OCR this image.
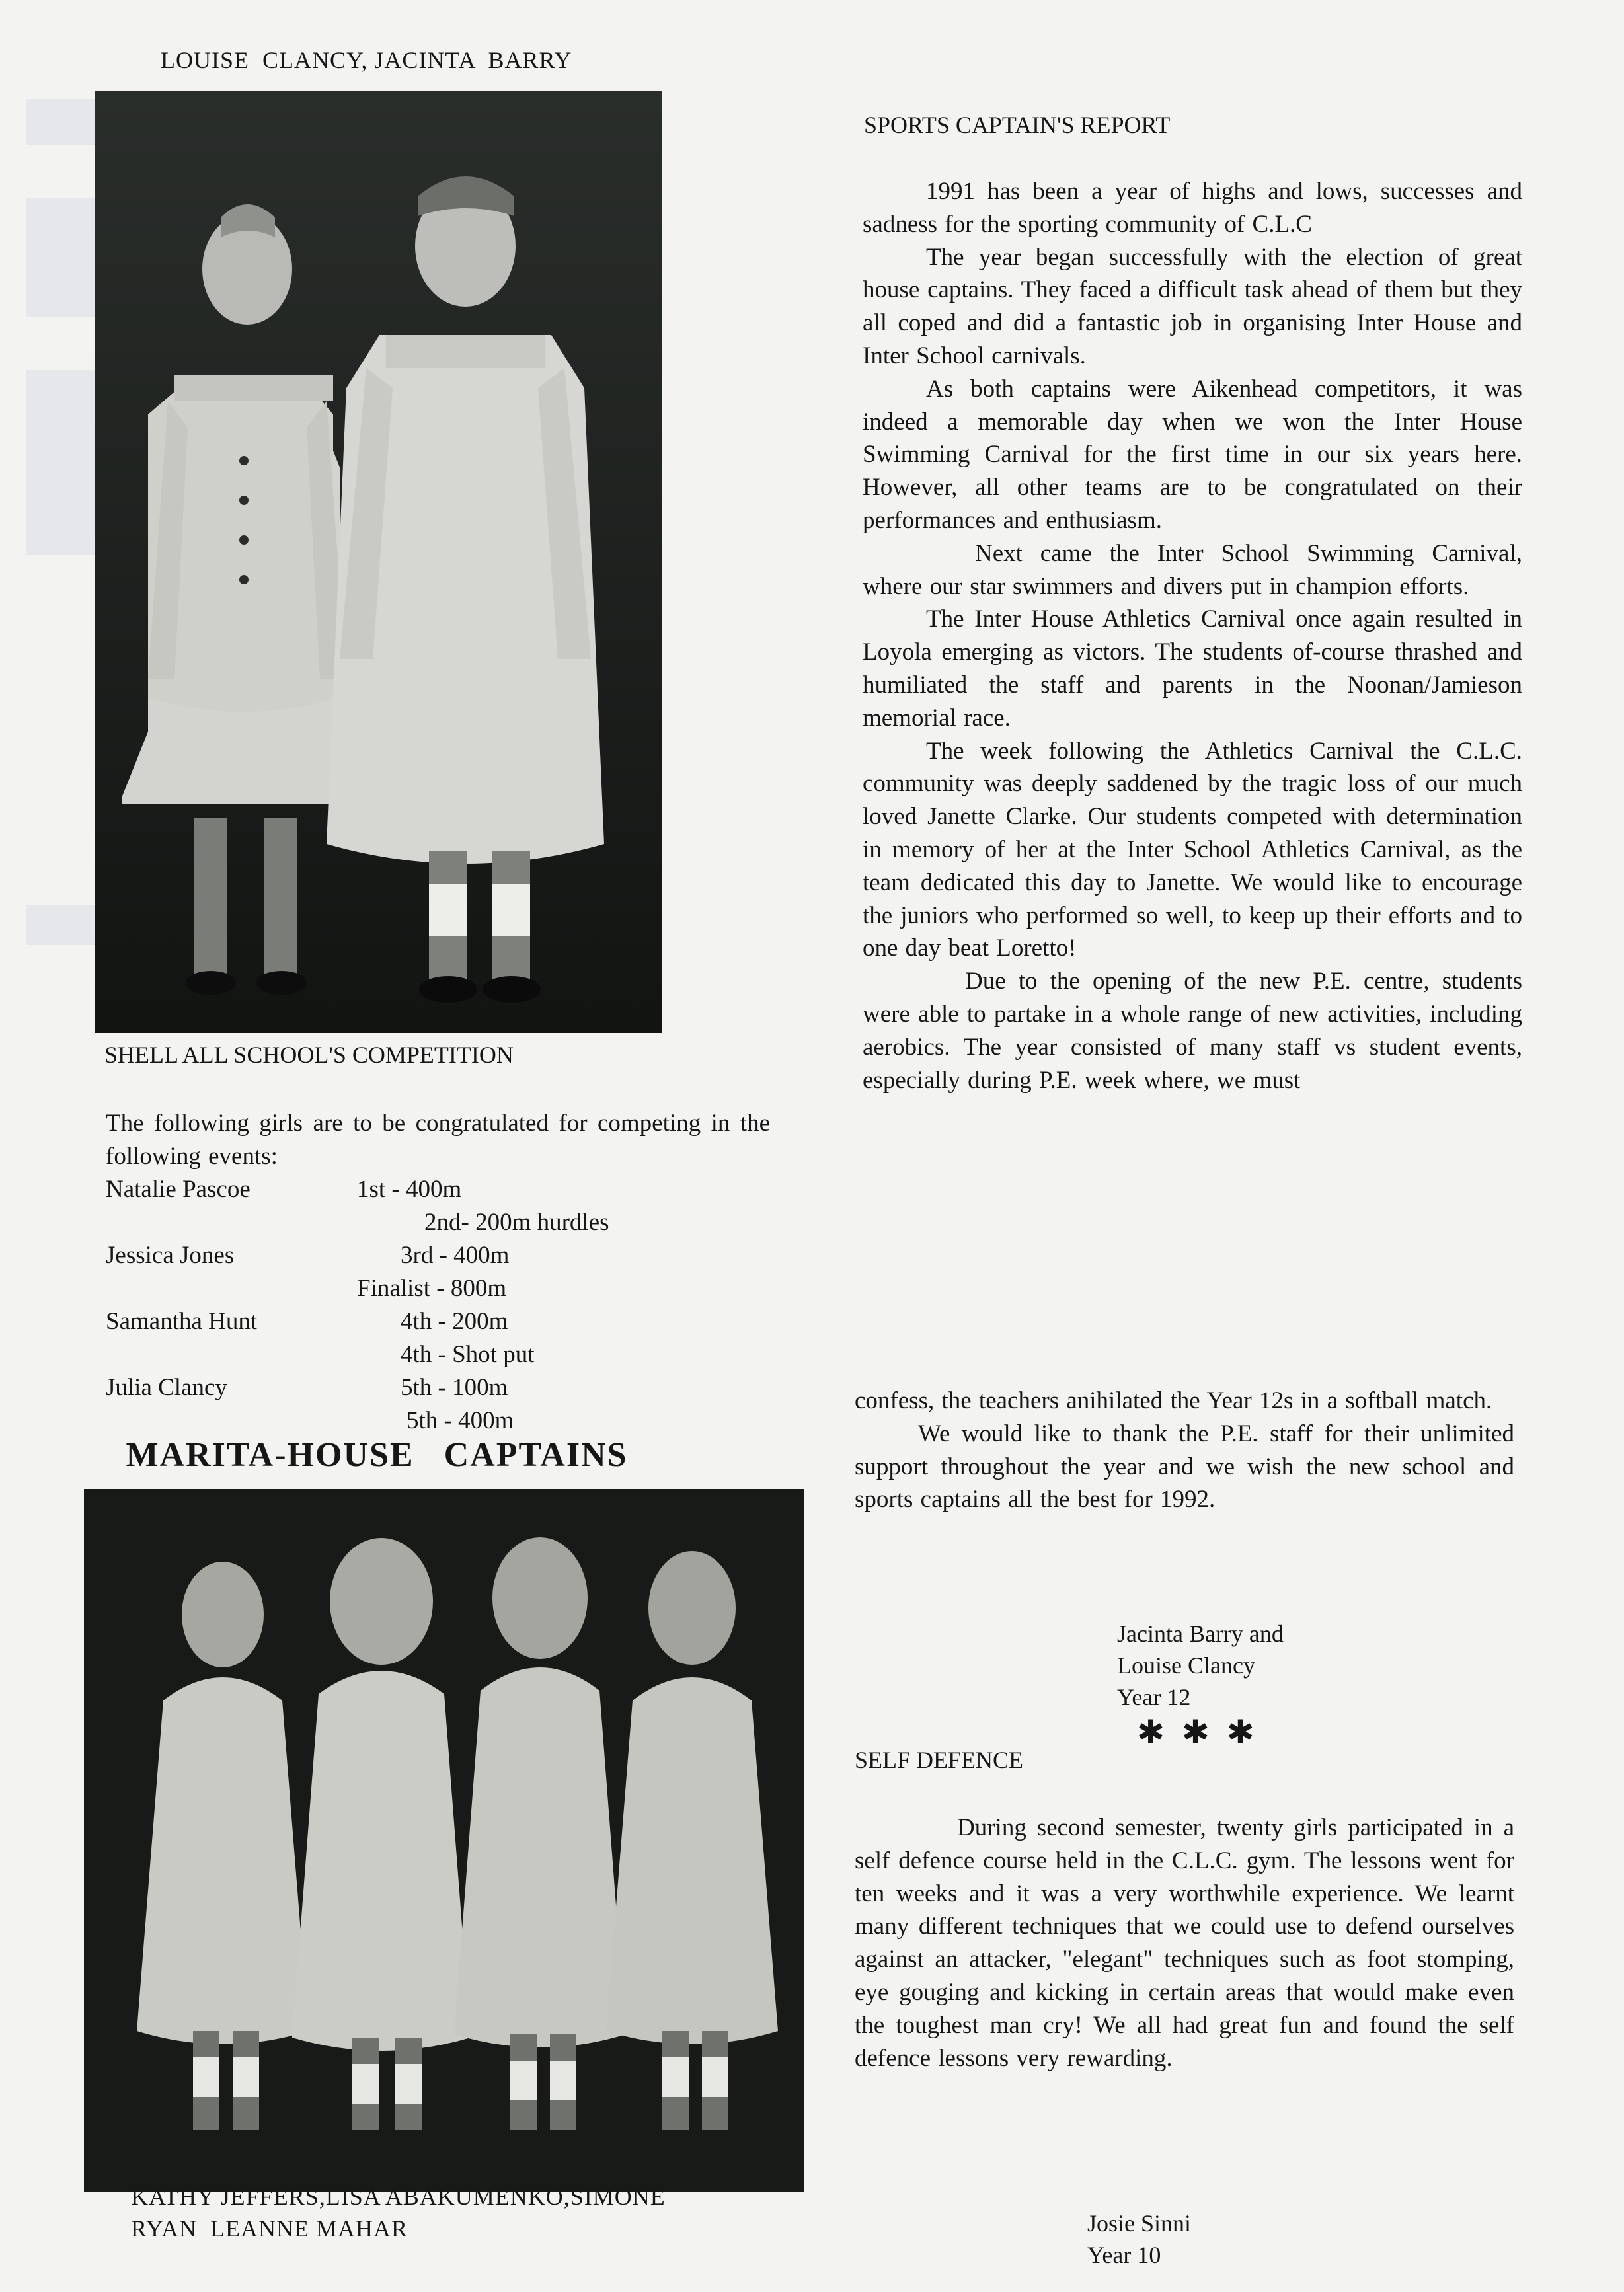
LOUISE  CLANCY, JACINTA  BARRY
SHELL ALL SCHOOL'S COMPETITION
The following girls are to be congratulated for competing in the following events:
Natalie Pascoe	1st - 400m
2nd- 200m hurdles
Jessica Jones	3rd - 400m
Finalist - 800m
Samantha Hunt	4th - 200m
4th - Shot put
Julia Clancy	5th - 100m
5th - 400m
MARITA-HOUSE   CAPTAINS
KATHY JEFFERS,LISA ABAKUMENKO,SIMONE
RYAN  LEANNE MAHAR
SPORTS CAPTAIN'S REPORT

1991 has been a year of highs and lows, successes and sadness for the sporting community of C.L.C

The year began successfully with the election of great house captains. They faced a difficult task ahead of them but they all coped and did a fantastic job in organising Inter House and Inter School carnivals.

As both captains were Aikenhead competitors, it was indeed a memorable day when we won the Inter House Swimming Carnival for the first time in our six years here. However, all other teams are to be congratulated on their performances and enthusiasm.

Next came the Inter School Swimming Carnival, where our star swimmers and divers put in champion efforts.

The Inter House Athletics Carnival once again resulted in Loyola emerging as victors. The students of-course thrashed and humiliated the staff and parents in the Noonan/Jamieson memorial race.

The week following the Athletics Carnival the C.L.C. community was deeply saddened by the tragic loss of our much loved Janette Clarke. Our students competed with determination in memory of her at the Inter School Athletics Carnival, as the team dedicated this day to Janette. We would like to encourage the juniors who performed so well, to keep up their efforts and to one day beat Loretto!

Due to the opening of the new P.E. centre, students were able to partake in a whole range of new activities, including aerobics. The year consisted of many staff vs student events, especially during P.E. week where, we must

confess, the teachers anihilated the Year 12s in a softball match.

We would like to thank the P.E. staff for their unlimited support throughout the year and we wish the new school and sports captains all the best for 1992.

Jacinta Barry and
Louise Clancy
Year 12
✱✱✱
SELF DEFENCE

During second semester, twenty girls participated in a self defence course held in the C.L.C. gym. The lessons went for ten weeks and it was a very worthwhile experience. We learnt many different techniques that we could use to defend ourselves against an attacker, "elegant" techniques such as foot stomping, eye gouging and kicking in certain areas that would make even the toughest man cry! We all had great fun and found the self defence lessons very rewarding.

Josie Sinni
Year 10
